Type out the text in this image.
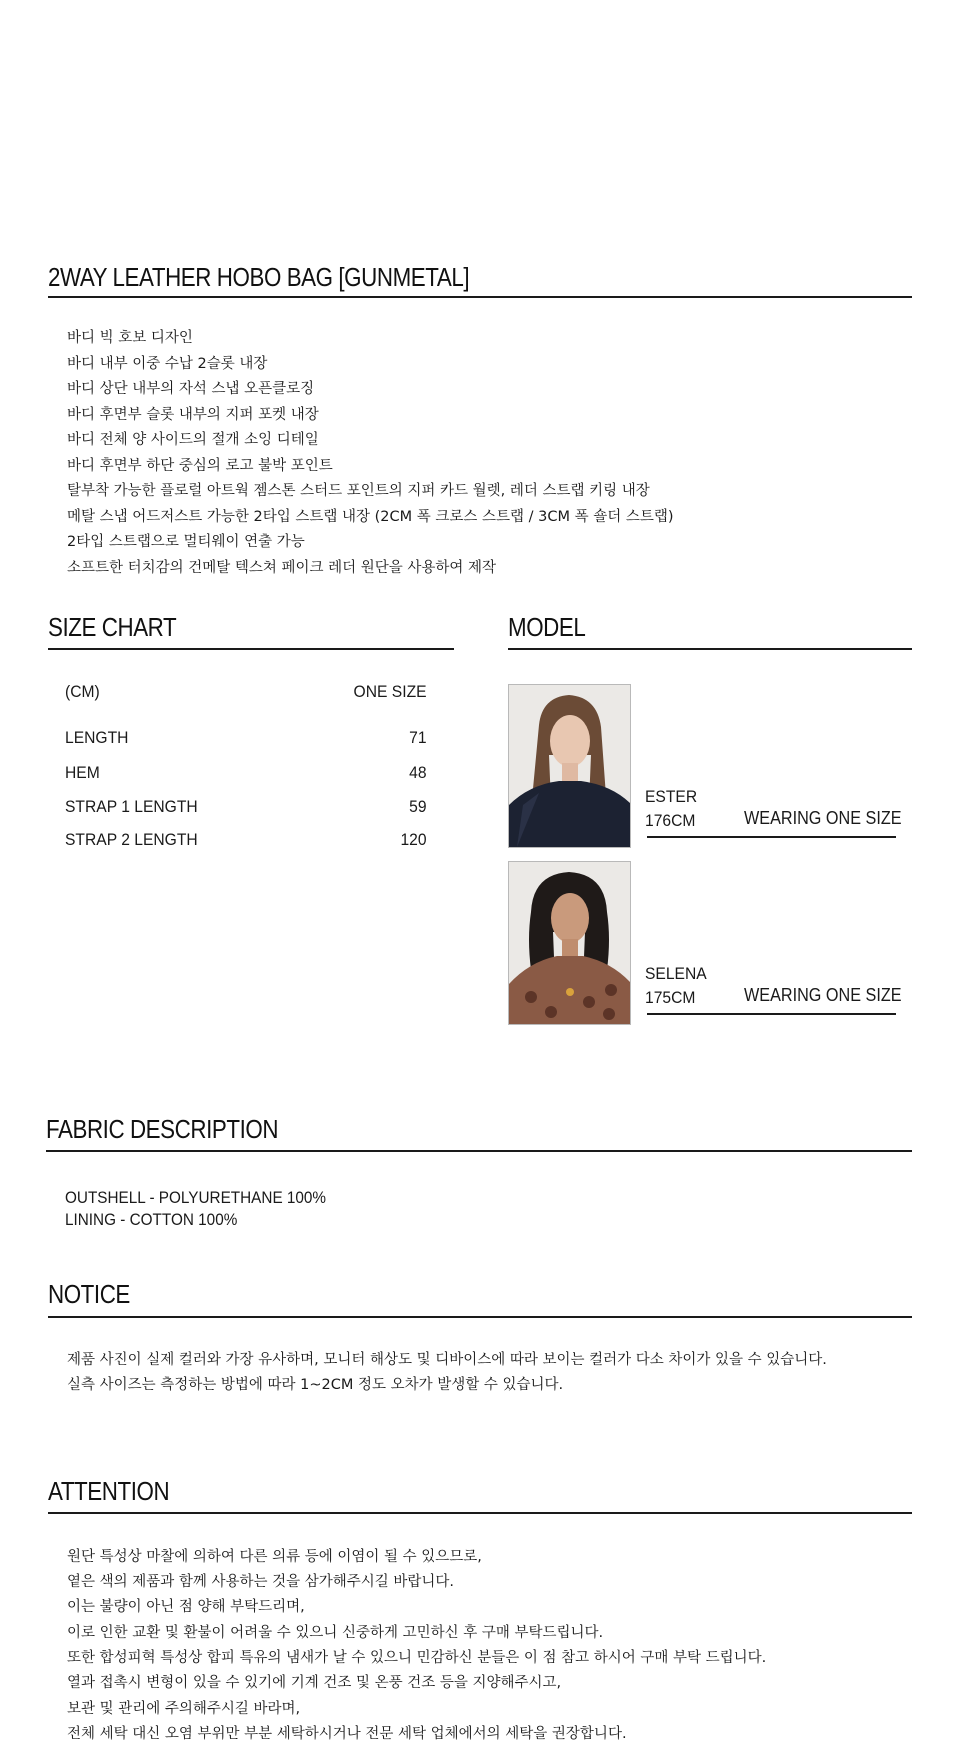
2WAY LEATHER HOBO BAG [GUNMETAL]
바디 빅 호보 디자인
바디 내부 이중 수납 2슬롯 내장
바디 상단 내부의 자석 스냅 오픈클로징
바디 후면부 슬롯 내부의 지퍼 포켓 내장
바디 전체 양 사이드의 절개 소잉 디테일
바디 후면부 하단 중심의 로고 불박 포인트
탈부착 가능한 플로럴 아트웍 젬스톤 스터드 포인트의 지퍼 카드 월렛, 레더 스트랩 키링 내장
메탈 스냅 어드저스트 가능한 2타입 스트랩 내장 (2CM 폭 크로스 스트랩 / 3CM 폭 숄더 스트랩)
2타입 스트랩으로 멀티웨이 연출 가능
소프트한 터치감의 건메탈 텍스쳐 페이크 레더 원단을 사용하여 제작
SIZE CHART
(CM)	ONE SIZE
LENGTH	71
HEM	48
STRAP 1 LENGTH	59
STRAP 2 LENGTH	120
MODEL
ESTER
176CM	WEARING ONE SIZE
SELENA
175CM	WEARING ONE SIZE
FABRIC DESCRIPTION
OUTSHELL - POLYURETHANE 100%
LINING - COTTON 100%
NOTICE
제품 사진이 실제 컬러와 가장 유사하며, 모니터 해상도 및 디바이스에 따라 보이는 컬러가 다소 차이가 있을 수 있습니다.
실측 사이즈는 측정하는 방법에 따라 1~2CM 정도 오차가 발생할 수 있습니다.
ATTENTION
원단 특성상 마찰에 의하여 다른 의류 등에 이염이 될 수 있으므로,
옅은 색의 제품과 함께 사용하는 것을 삼가해주시길 바랍니다.
이는 불량이 아닌 점 양해 부탁드리며,
이로 인한 교환 및 환불이 어려울 수 있으니 신중하게 고민하신 후 구매 부탁드립니다.
또한 합성피혁 특성상 합피 특유의 냄새가 날 수 있으니 민감하신 분들은 이 점 참고 하시어 구매 부탁 드립니다.
열과 접촉시 변형이 있을 수 있기에 기계 건조 및 온풍 건조 등을 지양해주시고,
보관 및 관리에 주의해주시길 바라며,
전체 세탁 대신 오염 부위만 부분 세탁하시거나 전문 세탁 업체에서의 세탁을 권장합니다.
